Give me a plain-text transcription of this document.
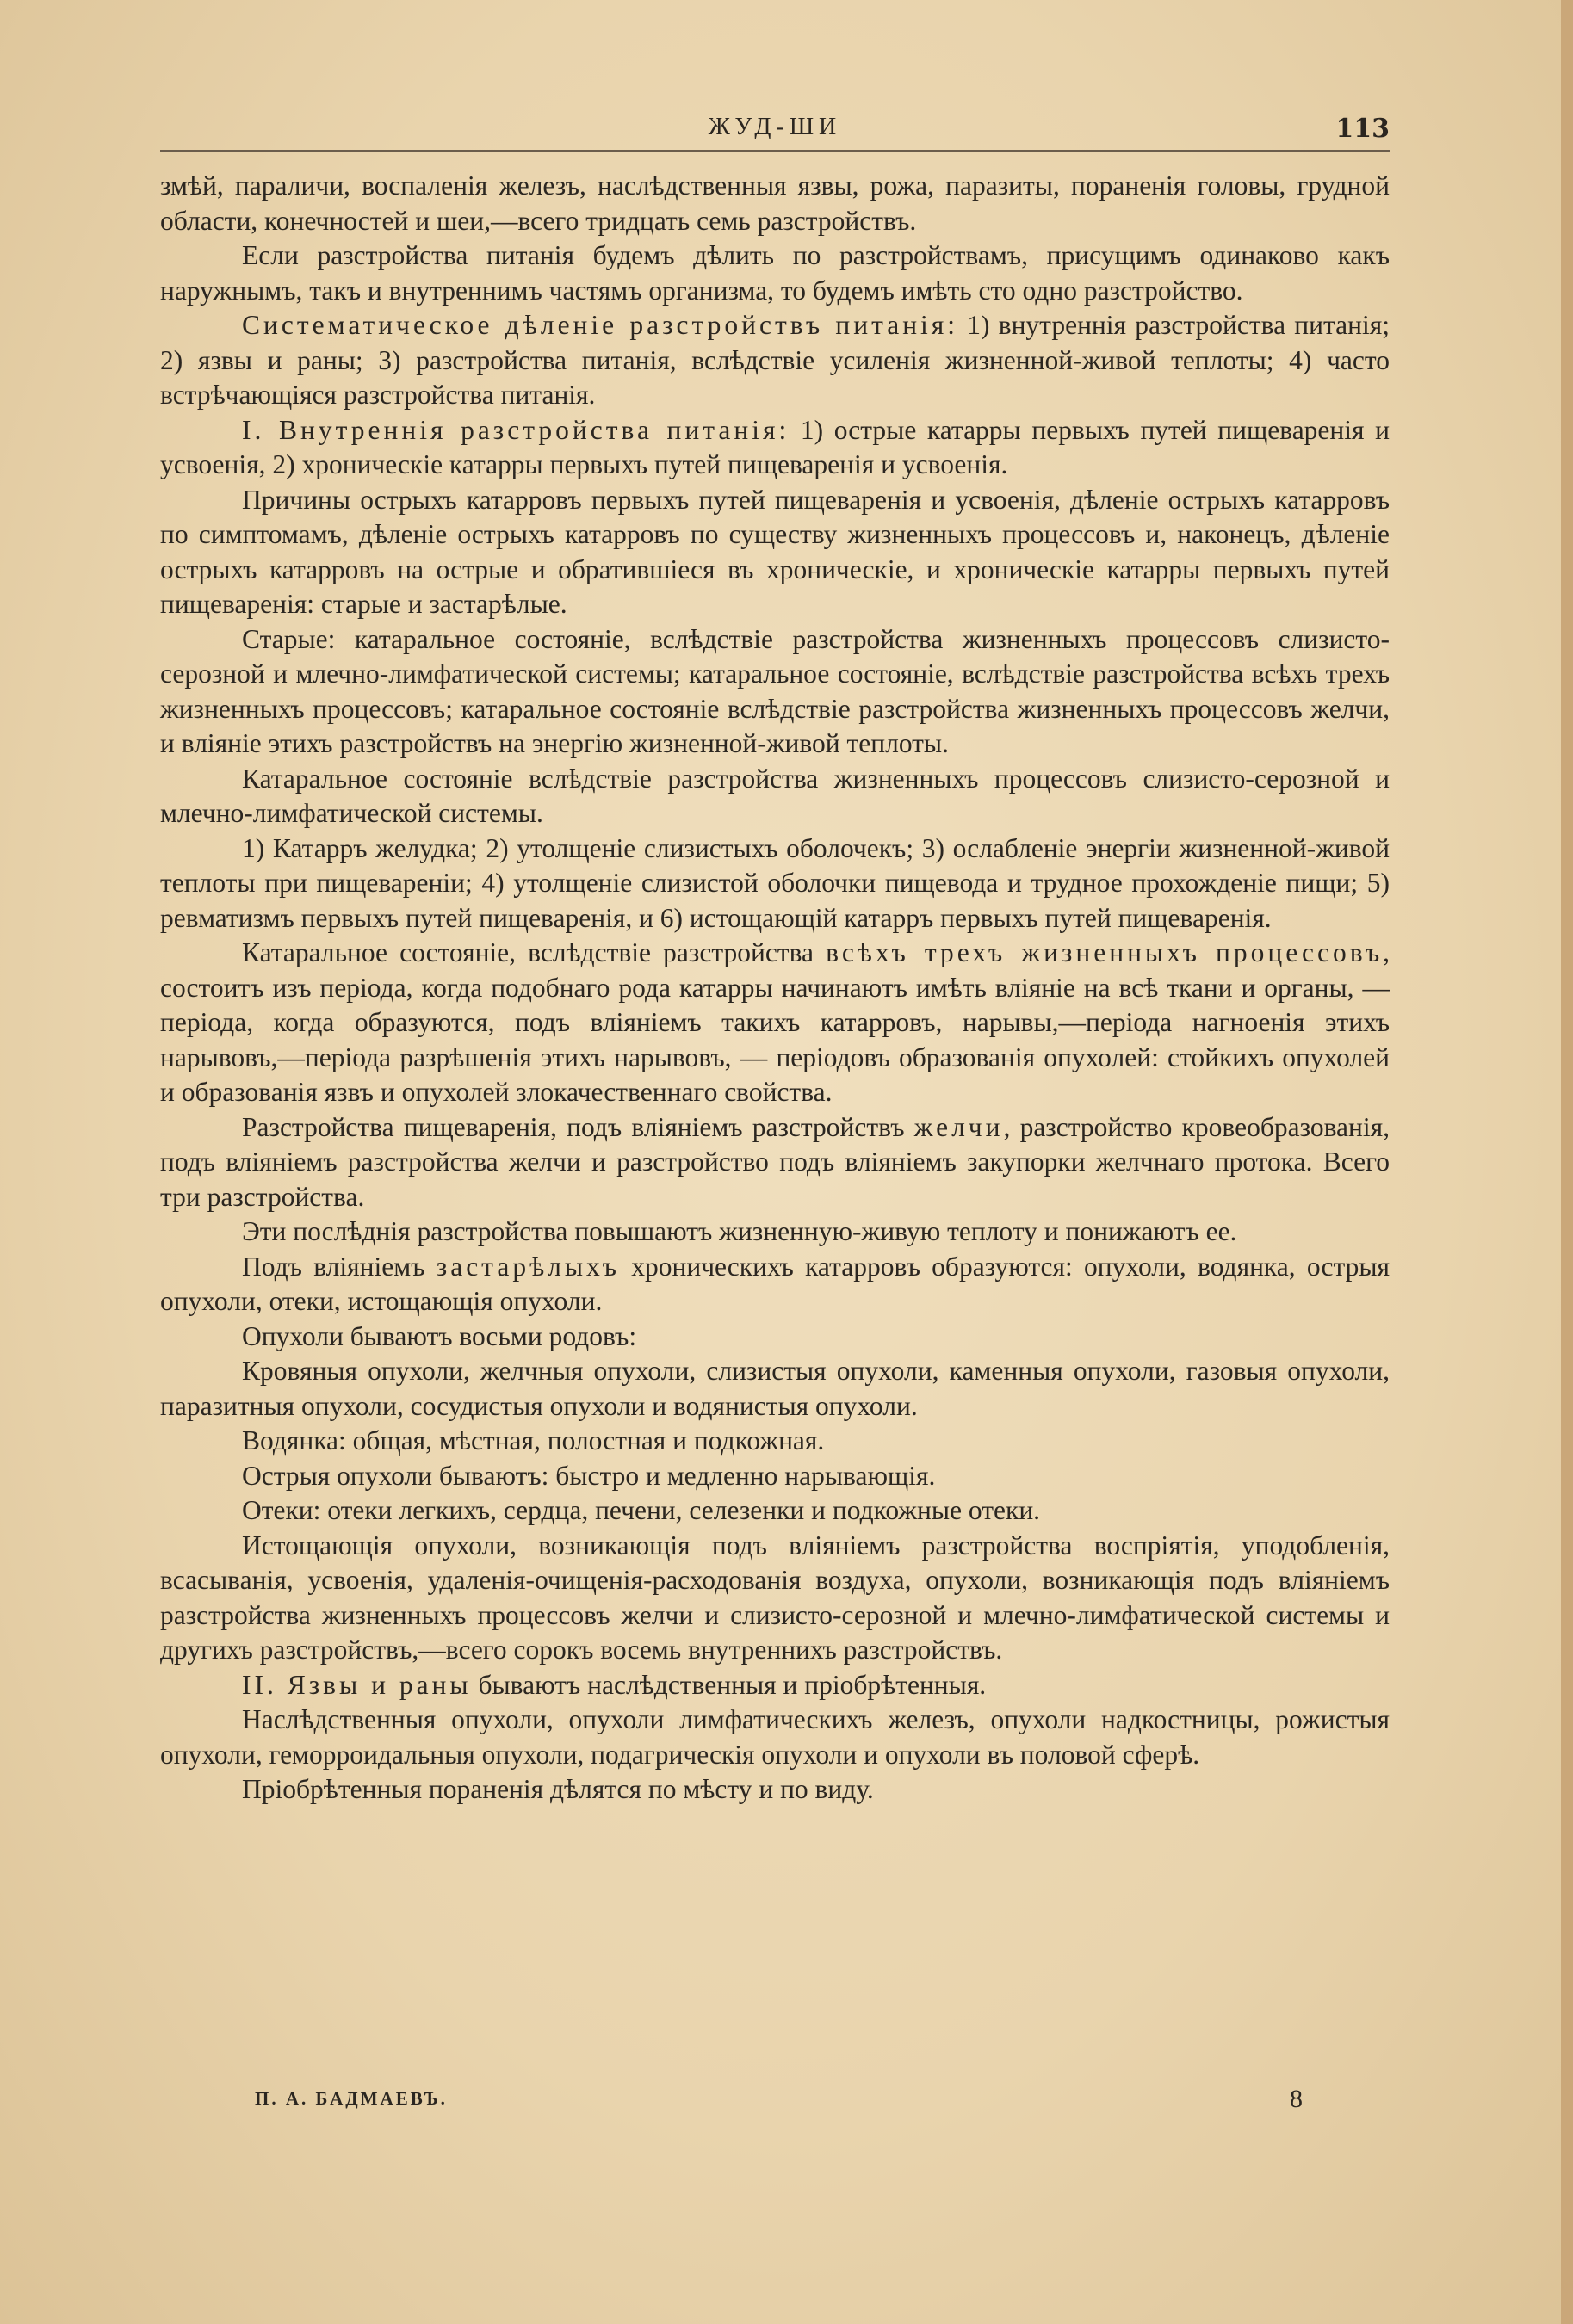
ЖУД-ШИ	113

змѣй, параличи, воспаленія железъ, наслѣдственныя язвы, рожа, паразиты, пораненія головы, грудной области, конечностей и шеи,—всего тридцать семь разстройствъ.

Если разстройства питанія будемъ дѣлить по разстройствамъ, присущимъ одинаково какъ наружнымъ, такъ и внутреннимъ частямъ организма, то будемъ имѣть сто одно разстройство.

Систематическое дѣленіе разстройствъ питанія: 1) внутреннія разстройства питанія; 2) язвы и раны; 3) разстройства питанія, вслѣдствіе усиленія жизненной-живой теплоты; 4) часто встрѣчающіяся разстройства питанія.

I. Внутреннія разстройства питанія: 1) острые катарры первыхъ путей пищеваренія и усвоенія, 2) хроническіе катарры первыхъ путей пищеваренія и усвоенія.

Причины острыхъ катарровъ первыхъ путей пищеваренія и усвоенія, дѣленіе острыхъ катарровъ по симптомамъ, дѣленіе острыхъ катарровъ по существу жизненныхъ процессовъ и, наконецъ, дѣленіе острыхъ катарровъ на острые и обратившіеся въ хроническіе, и хроническіе катарры первыхъ путей пищеваренія: старые и застарѣлые.

Старые: катаральное состояніе, вслѣдствіе разстройства жизненныхъ процессовъ слизисто-серозной и млечно-лимфатической системы; катаральное состояніе, вслѣдствіе разстройства всѣхъ трехъ жизненныхъ процессовъ; катаральное состояніе вслѣдствіе разстройства жизненныхъ процессовъ желчи, и вліяніе этихъ разстройствъ на энергію жизненной-живой теплоты.

Катаральное состояніе вслѣдствіе разстройства жизненныхъ процессовъ слизисто-серозной и млечно-лимфатической системы.

1) Катарръ желудка; 2) утолщеніе слизистыхъ оболочекъ; 3) ослабленіе энергіи жизненной-живой теплоты при пищевареніи; 4) утолщеніе слизистой оболочки пищевода и трудное прохожденіе пищи; 5) ревматизмъ первыхъ путей пищеваренія, и 6) истощающій катарръ первыхъ путей пищеваренія.

Катаральное состояніе, вслѣдствіе разстройства всѣхъ трехъ жизненныхъ процессовъ, состоитъ изъ періода, когда подобнаго рода катарры начинаютъ имѣть вліяніе на всѣ ткани и органы, — періода, когда образуются, подъ вліяніемъ такихъ катарровъ, нарывы,—періода нагноенія этихъ нарывовъ,—періода разрѣшенія этихъ нарывовъ, — періодовъ образованія опухолей: стойкихъ опухолей и образованія язвъ и опухолей злокачественнаго свойства.

Разстройства пищеваренія, подъ вліяніемъ разстройствъ желчи, разстройство кровеобразованія, подъ вліяніемъ разстройства желчи и разстройство подъ вліяніемъ закупорки желчнаго протока. Всего три разстройства.

Эти послѣднія разстройства повышаютъ жизненную-живую теплоту и понижаютъ ее.

Подъ вліяніемъ застарѣлыхъ хроническихъ катарровъ образуются: опухоли, водянка, острыя опухоли, отеки, истощающія опухоли.

Опухоли бываютъ восьми родовъ:

Кровяныя опухоли, желчныя опухоли, слизистыя опухоли, каменныя опухоли, газовыя опухоли, паразитныя опухоли, сосудистыя опухоли и водянистыя опухоли.

Водянка: общая, мѣстная, полостная и подкожная.

Острыя опухоли бываютъ: быстро и медленно нарывающія.

Отеки: отеки легкихъ, сердца, печени, селезенки и подкожные отеки.

Истощающія опухоли, возникающія подъ вліяніемъ разстройства воспріятія, уподобленія, всасыванія, усвоенія, удаленія-очищенія-расходованія воздуха, опухоли, возникающія подъ вліяніемъ разстройства жизненныхъ процессовъ желчи и слизисто-серозной и млечно-лимфатической системы и другихъ разстройствъ,—всего сорокъ восемь внутреннихъ разстройствъ.

II. Язвы и раны бываютъ наслѣдственныя и пріобрѣтенныя.

Наслѣдственныя опухоли, опухоли лимфатическихъ железъ, опухоли надкостницы, рожистыя опухоли, геморроидальныя опухоли, подагрическія опухоли и опухоли въ половой сферѣ.

Пріобрѣтенныя пораненія дѣлятся по мѣсту и по виду.

П. А. БАДМАЕВЪ.	8
